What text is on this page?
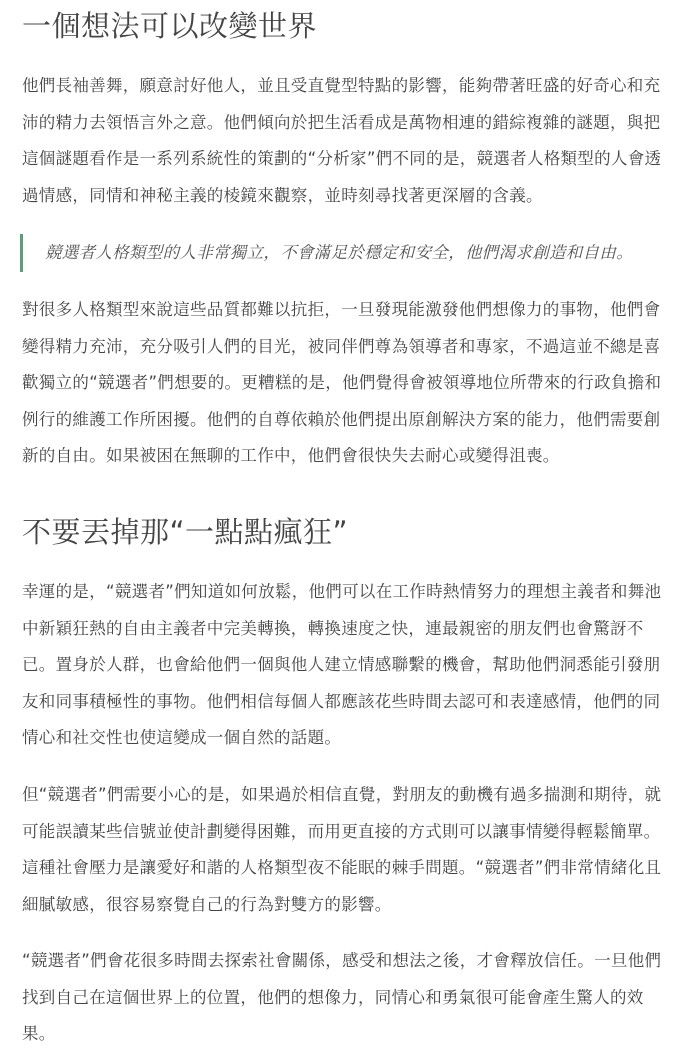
一個想法可以改變世界

他們長袖善舞，願意討好他人，並且受直覺型特點的影響，能夠帶著旺盛的好奇心和充沛的精力去領悟言外之意。他們傾向於把生活看成是萬物相連的錯綜複雜的謎題，與把這個謎題看作是一系列系統性的策劃的“分析家”們不同的是，競選者人格類型的人會透過情感，同情和神秘主義的棱鏡來觀察，並時刻尋找著更深層的含義。

競選者人格類型的人非常獨立，不會滿足於穩定和安全，他們渴求創造和自由。

對很多人格類型來說這些品質都難以抗拒，一旦發現能激發他們想像力的事物，他們會變得精力充沛，充分吸引人們的目光，被同伴們尊為領導者和專家，不過這並不總是喜歡獨立的“競選者”們想要的。更糟糕的是，他們覺得會被領導地位所帶來的行政負擔和例行的維護工作所困擾。他們的自尊依賴於他們提出原創解決方案的能力，他們需要創新的自由。如果被困在無聊的工作中，他們會很快失去耐心或變得沮喪。

不要丟掉那“一點點瘋狂”

幸運的是，“競選者”們知道如何放鬆，他們可以在工作時熱情努力的理想主義者和舞池中新穎狂熱的自由主義者中完美轉換，轉換速度之快，連最親密的朋友們也會驚訝不已。置身於人群，也會給他們一個與他人建立情感聯繫的機會，幫助他們洞悉能引發朋友和同事積極性的事物。他們相信每個人都應該花些時間去認可和表達感情，他們的同情心和社交性也使這變成一個自然的話題。

但“競選者”們需要小心的是，如果過於相信直覺，對朋友的動機有過多揣測和期待，就可能誤讀某些信號並使計劃變得困難，而用更直接的方式則可以讓事情變得輕鬆簡單。這種社會壓力是讓愛好和諧的人格類型夜不能眠的棘手問題。“競選者”們非常情緒化且細膩敏感，很容易察覺自己的行為對雙方的影響。

“競選者”們會花很多時間去探索社會關係，感受和想法之後，才會釋放信任。一旦他們找到自己在這個世界上的位置，他們的想像力，同情心和勇氣很可能會產生驚人的效果。
